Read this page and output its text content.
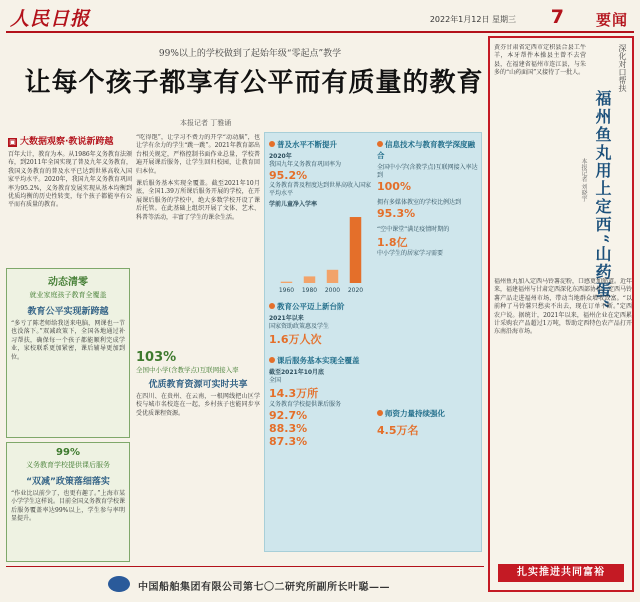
人民日报	2022年1月12日 星期三 7 要闻
99%以上的学校做到了起始年级“零起点”教学
让每个孩子都享有公平而有质量的教育
本报记者 丁雅诵
▣ 大数据观察·教说新跨越
百年大计，教育为本。从1986年义务教育法颁布，到2011年全国实现了普及九年义务教育，我国义务教育的普及水平已达到世界高收入国家平均水平。2020年，我国九年义务教育巩固率为95.2%，义务教育发展实现从基本均衡到优质均衡的历史性转变，每个孩子都能享有公平而有质量的教育。
动态清零
就业家庭孩子教育全覆盖
教育公平实现新跨越
“多亏了陈老师给我送来电脑，网课也一节也没落下。”双减政策下，全国各地通过补习帮扶，确保每一个孩子都能顺利完成学业，家校联系更加紧密，课后辅导更加到位。
99%
义务教育学校提供课后服务
“双减”政策落细落实
“作业比以前少了，也更有趣了。”上海市某小学学生这样说。目前全国义务教育学校课后服务覆盖率达99%以上，学生参与率明显提升。
“吃得饱”，让学习不费力的开学“动动脑”，也让学有余力的学生“跳一跳”。2021年教育部出台相关规定，严格控制书面作业总量，学校普遍开展课后服务，让学生回归校园，让教育回归本位。
课后服务基本实现全覆盖。截至2021年10月底，全国1.39万所课后服务开展的学校，在开展课后服务的学校中，绝大多数学校开设了课后托管。在此基础上组织开展了文体、艺术、科普等活动，丰富了学生的课余生活。
103%
全国中小学(含教学点)互联网接入率
优质教育资源可实时共享
在四川、在贵州、在云南，一根网线把山区学校与城市名校连在一起，乡村孩子也能同步享受优质课程资源。
普及水平不断提升
2020年
我国九年义务教育巩固率为
95.2%
义务教育普及程度达到世界高收入国家平均水平
学前儿童净入学率
1960 1980 2000 2020
教育公平迈上新台阶
2021年以来
国家资助政策惠及学生
1.6万人次
课后服务基本实现全覆盖
截至2021年10月底
全国
14.3万所
义务教育学校提供课后服务
92.7%
88.3%
87.3%
信息技术与教育教学深度融合
全国中小学(含教学点)互联网接入率达到
100%
拥有多媒体教室的学校比例达到
95.3%
“空中课堂”满足疫情时期的
1.8亿
中小学生的居家学习需要
师资力量持续强化
4.5万名
黄芬甘肃省定西市定积县合县工牛羊，本牙帮件本操县主曾不去营县，在福建省福州市连江县，与朱多的“山药面国”又接待了一批人。	深化对口帮扶
福州鱼丸用上定西“山药蛋”
本报记者 刘晓宇
福州鱼丸加入定西马铃薯淀粉，口感更加筋道。近年来，福建福州与甘肃定西深化东西部协作，定西马铃薯产品走进福州市场，带动当地群众增收致富。“以前种了马铃薯只愁卖不出去，现在订单不断。”定西农户说。据统计，2021年以来，福州企业在定西累计采购农产品超过1万吨，帮助定西特色农产品打开东南沿海市场。
扎实推进共同富裕
中国船舶集团有限公司第七〇二研究所副所长叶聪——
